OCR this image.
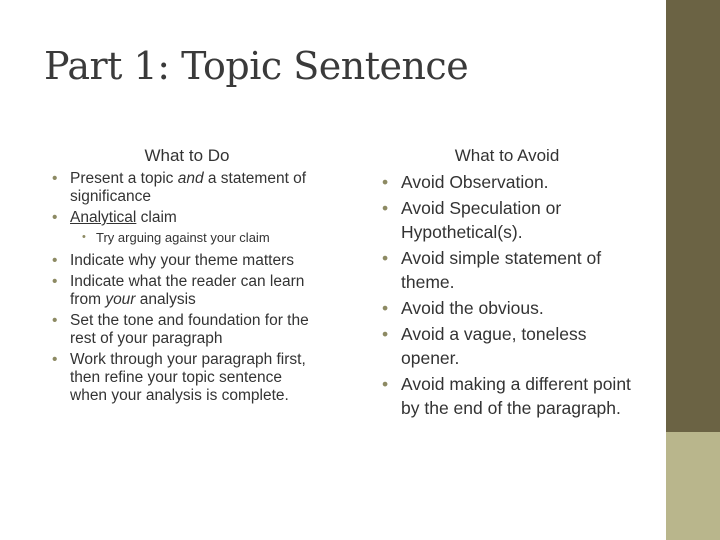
Part 1: Topic Sentence
What to Do
• Present a topic and a statement of significance
• Analytical claim
• Try arguing against your claim
• Indicate why your theme matters
• Indicate what the reader can learn from your analysis
• Set the tone and foundation for the rest of your paragraph
• Work through your paragraph first, then refine your topic sentence when your analysis is complete.
What to Avoid
• Avoid Observation.
• Avoid Speculation or Hypothetical(s).
• Avoid simple statement of theme.
• Avoid the obvious.
• Avoid a vague, toneless opener.
• Avoid making a different point by the end of the paragraph.
